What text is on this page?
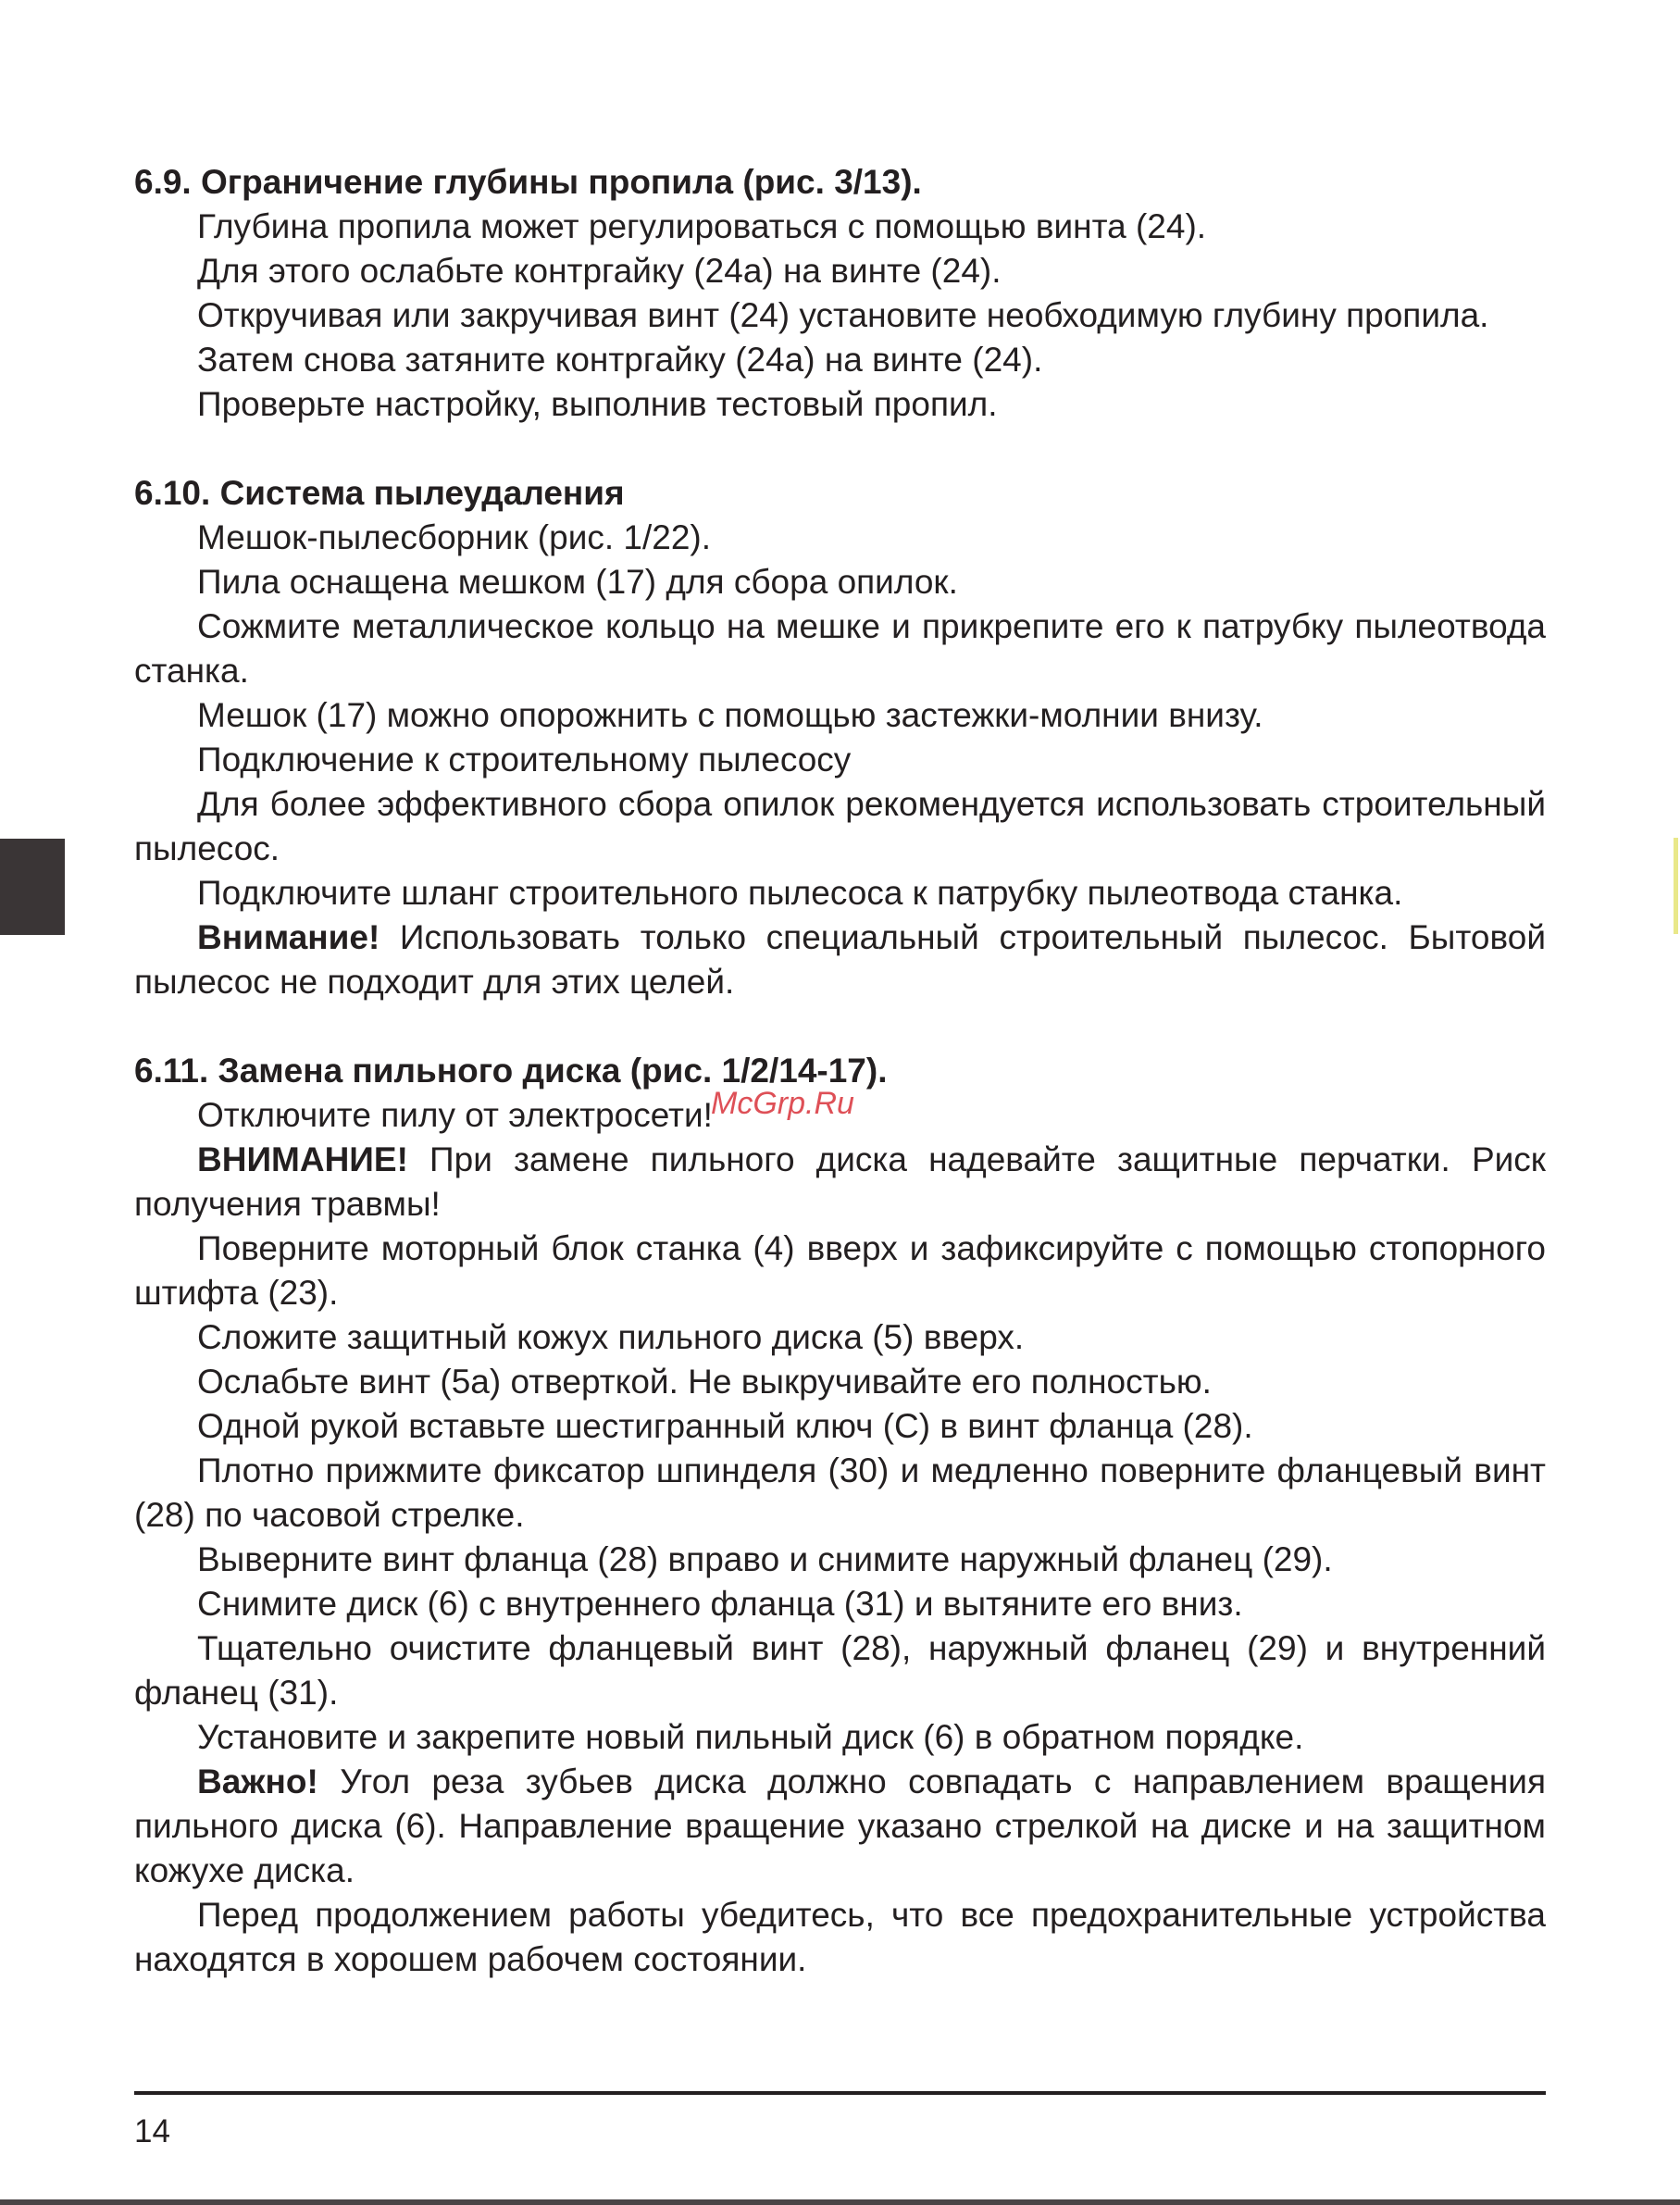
6.9. Ограничение глубины пропила (рис. 3/13).

Глубина пропила может регулироваться с помощью винта (24).

Для этого ослабьте контргайку (24а) на винте (24).

Откручивая или закручивая винт (24) установите необходимую глубину пропила.

Затем снова затяните контргайку (24а) на винте (24).

Проверьте настройку, выполнив тестовый пропил.

6.10. Система пылеудаления

Мешок-пылесборник (рис. 1/22).

Пила оснащена мешком (17) для сбора опилок.

Сожмите металлическое кольцо на мешке и прикрепите его к патрубку пылеотвода станка.

Мешок (17) можно опорожнить с помощью застежки-молнии внизу.

Подключение к строительному пылесосу

Для более эффективного сбора опилок рекомендуется использовать строительный пылесос.

Подключите шланг строительного пылесоса к патрубку пылеотвода станка.

Внимание! Использовать только специальный строительный пылесос. Бытовой пылесос не подходит для этих целей.

6.11. Замена пильного диска (рис. 1/2/14-17).

Отключите пилу от электросети!

ВНИМАНИЕ! При замене пильного диска надевайте защитные перчатки. Риск получения травмы!

Поверните моторный блок станка (4) вверх и зафиксируйте с помощью стопорного штифта (23).

Сложите защитный кожух пильного диска (5) вверх.

Ослабьте винт (5а) отверткой. Не выкручивайте его полностью.

Одной рукой вставьте шестигранный ключ (С) в винт фланца (28).

Плотно прижмите фиксатор шпинделя (30) и медленно поверните фланцевый винт (28) по часовой стрелке.

Выверните винт фланца (28) вправо и снимите наружный фланец (29).

Снимите диск (6) с внутреннего фланца (31) и вытяните его вниз.

Тщательно очистите фланцевый винт (28), наружный фланец (29) и внутренний фланец (31).

Установите и закрепите новый пильный диск (6) в обратном порядке.

Важно! Угол реза зубьев диска должно совпадать с направлением вращения пильного диска (6). Направление вращение указано стрелкой на диске и на защитном кожухе диска.

Перед продолжением работы убедитесь, что все предохранительные устройства находятся в хорошем рабочем состоянии.

McGrp.Ru
14
